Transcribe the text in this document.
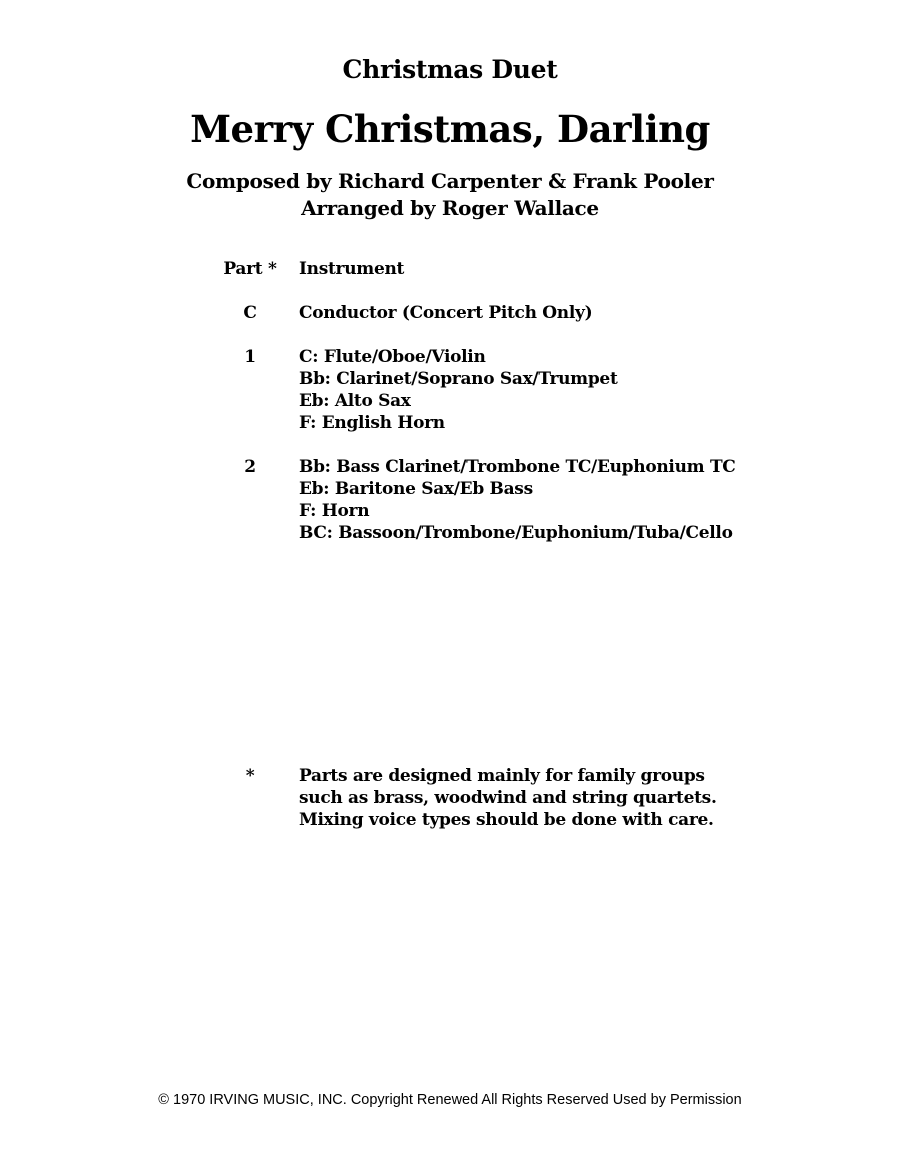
Christmas Duet
Merry Christmas, Darling
Composed by Richard Carpenter & Frank Pooler
Arranged by Roger Wallace
Part *	Instrument
C	Conductor (Concert Pitch Only)
1	C: Flute/Oboe/Violin
Bb: Clarinet/Soprano Sax/Trumpet
Eb: Alto Sax
F: English Horn
2	Bb: Bass Clarinet/Trombone TC/Euphonium TC
Eb: Baritone Sax/Eb Bass
F: Horn
BC: Bassoon/Trombone/Euphonium/Tuba/Cello
*	Parts are designed mainly for family groups such as brass, woodwind and string quartets. Mixing voice types should be done with care.
© 1970 IRVING MUSIC, INC. Copyright Renewed All Rights Reserved Used by Permission
